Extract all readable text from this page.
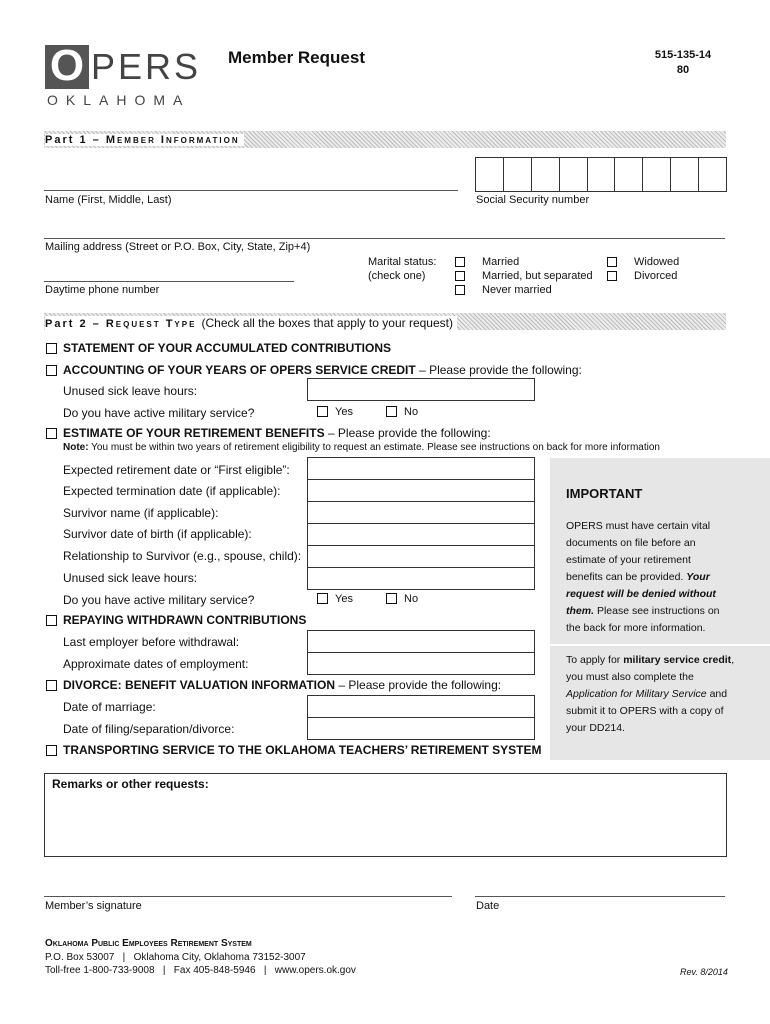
O PERS
OKLAHOMA
Member Request	515-135-14
80
Part 1 – Member Information
Name (First, Middle, Last)	Social Security number
Mailing address (Street or P.O. Box, City, State, Zip+4)
Marital status:
(check one)
Married
Married, but separated
Never married
Widowed
Divorced
Daytime phone number
Part 2 – Request Type (Check all the boxes that apply to your request)
STATEMENT OF YOUR ACCUMULATED CONTRIBUTIONS
ACCOUNTING OF YOUR YEARS OF OPERS SERVICE CREDIT – Please provide the following:
Unused sick leave hours:
Do you have active military service?	Yes	No
ESTIMATE OF YOUR RETIREMENT BENEFITS – Please provide the following:
Note: You must be within two years of retirement eligibility to request an estimate. Please see instructions on back for more information
Expected retirement date or “First eligible”:
Expected termination date (if applicable):
Survivor name (if applicable):
Survivor date of birth (if applicable):
Relationship to Survivor (e.g., spouse, child):
Unused sick leave hours:
Do you have active military service?	Yes	No
REPAYING WITHDRAWN CONTRIBUTIONS
Last employer before withdrawal:
Approximate dates of employment:
DIVORCE: BENEFIT VALUATION INFORMATION – Please provide the following:
Date of marriage:
Date of filing/separation/divorce:
TRANSPORTING SERVICE TO THE OKLAHOMA TEACHERS’ RETIREMENT SYSTEM
IMPORTANT
OPERS must have certain vital
documents on file before an
estimate of your retirement
benefits can be provided. Your
request will be denied without
them. Please see instructions on
the back for more information.
To apply for military service credit,
you must also complete the
Application for Military Service and
submit it to OPERS with a copy of
your DD214.
Remarks or other requests:
Member’s signature	Date
Oklahoma Public Employees Retirement System
P.O. Box 53007   |   Oklahoma City, Oklahoma 73152-3007
Toll-free 1-800-733-9008   |   Fax 405-848-5946   |   www.opers.ok.gov	Rev. 8/2014
